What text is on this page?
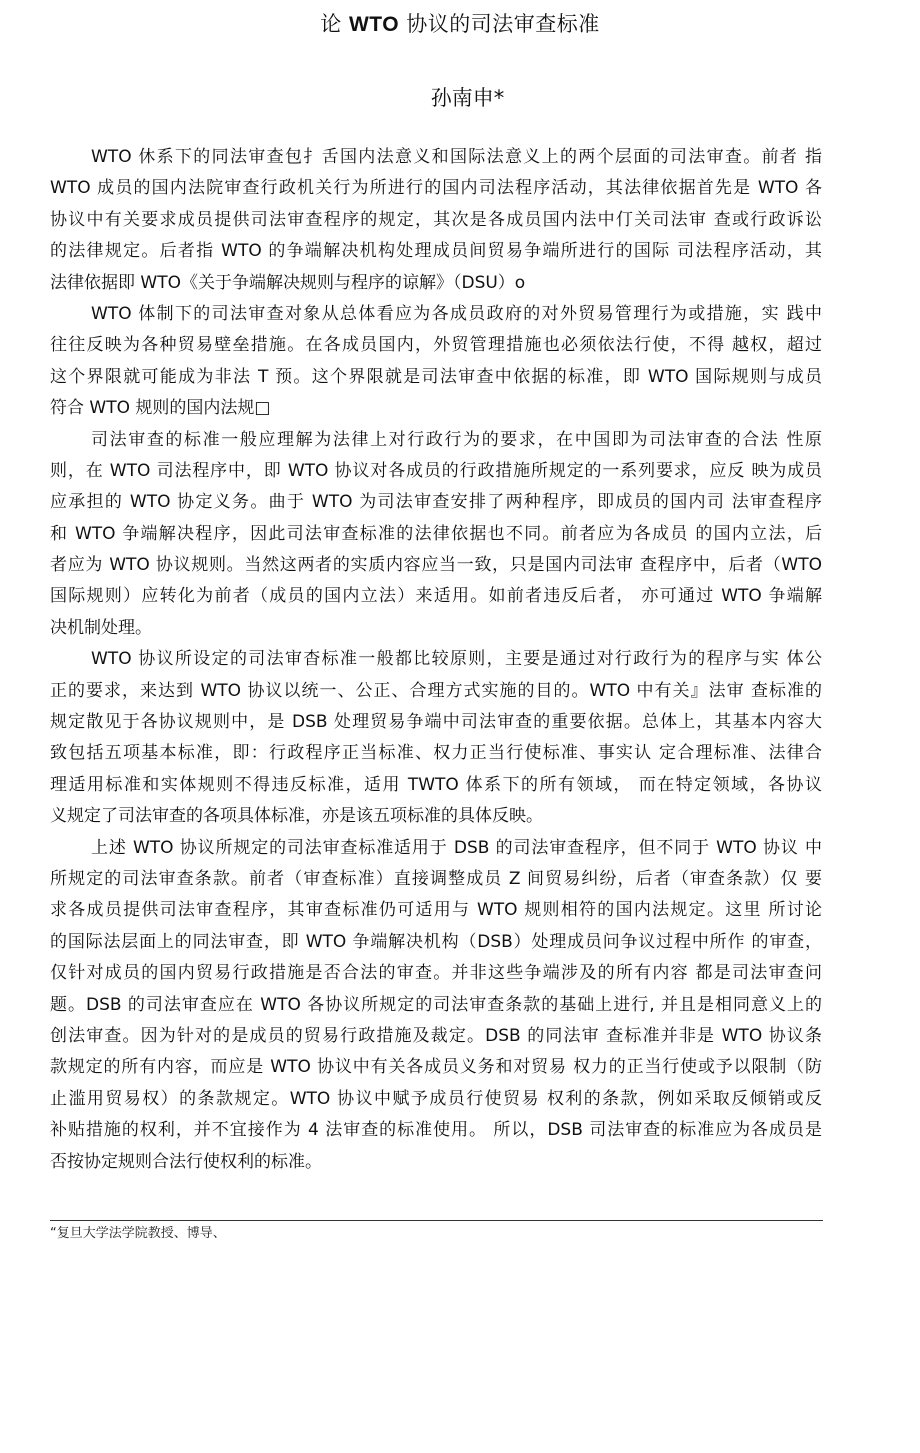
论 WTO 协议的司法审查标准
孙南申*
WTO 休系下的同法审查包扌舌国内法意义和国际法意义上的两个层面的司法审查。前者 指
WTO 成员的国内法院审查行政机关行为所进行的国内司法程序活动，其法律依据首先是 WTO 各
协议中有关要求成员提供司法审查程序的规定，其次是各成员国内法中仃关司法审 查或行政诉讼
的法律规定。后者指 WTO 的争端解决机构处理成员间贸易争端所进行的国际 司法程序活动，其
法律依据即 WTO《关于争端解决规则与程序的谅解》（DSU）o
WTO 体制下的司法审查对象从总体看应为各成员政府的对外贸易管理行为或措施，实 践中
往往反映为各种贸易壁垒措施。在各成员国内，外贸管理措施也必须依法行使，不得 越权，超过
这个界限就可能成为非法 T 预。这个界限就是司法审查中依据的标准，即 WTO 国际规则与成员
符合 WTO 规则的国内法规□
司法审查的标准一般应理解为法律上对行政行为的要求，在中国即为司法审查的合法 性原
则，在 WTO 司法程序中，即 WTO 协议对各成员的行政措施所规定的一系列要求，应反 映为成员
应承担的 WTO 协定义务。曲于 WTO 为司法审查安排了两种程序，即成员的国内司 法审查程序
和 WTO 争端解决程序，因此司法审查标准的法律依据也不同。前者应为各成员 的国内立法，后
者应为 WTO 协议规则。当然这两者的实质内容应当一致，只是国内司法审 查程序中，后者（WTO
国际规则）应转化为前者（成员的国内立法）来适用。如前者违反后者， 亦可通过 WTO 争端解
决机制处理。
WTO 协议所设定的司法审杳标准一般都比较原则，主要是通过对行政行为的程序与实 体公
正的要求，来达到 WTO 协议以统一、公正、合理方式实施的目的。WTO 中有关』法审 查标准的
规定散见于各协议规则中，是 DSB 处理贸易争端中司法审查的重要依据。总体上，其基本内容大
致包括五项基本标准，即：行政程序正当标准、权力正当行使标准、事实认 定合理标准、法律合
理适用标准和实体规则不得违反标准，适用 TWTO 体系下的所有领域， 而在特定领域，各协议
义规定了司法审查的各项具体标准，亦是该五项标准的具体反映。
上述 WTO 协议所规定的司法审查标准适用于 DSB 的司法审查程序，但不同于 WTO 协议 中
所规定的司法审查条款。前者（审查标准）直接调整成员 Z 间贸易纠纷，后者（审查条款）仅 要
求各成员提供司法审查程序，其审查标准仍可适用与 WTO 规则相符的国内法规定。这里 所讨论
的国际法层面上的同法审查，即 WTO 争端解决机构（DSB）处理成员问争议过程中所作 的审查，
仅针对成员的国内贸易行政措施是否合法的审查。并非这些争端涉及的所有内容 都是司法审查问
题。DSB 的司法审查应在 WTO 各协议所规定的司法审查条款的基础上进行, 并且是相同意义上的
创法审查。因为针对的是成员的贸易行政措施及裁定。DSB 的同法审 查标准并非是 WTO 协议条
款规定的所有内容，而应是 WTO 协议中有关各成员义务和对贸易 权力的正当行使或予以限制（防
止滥用贸易权）的条款规定。WTO 协议中赋予成员行使贸易 权利的条款，例如采取反倾销或反
补贴措施的权利，并不宜接作为 4 法审查的标准使用。 所以，DSB 司法审查的标准应为各成员是
否按协定规则合法行使权利的标准。
“复旦大学法学院教授、博导、
